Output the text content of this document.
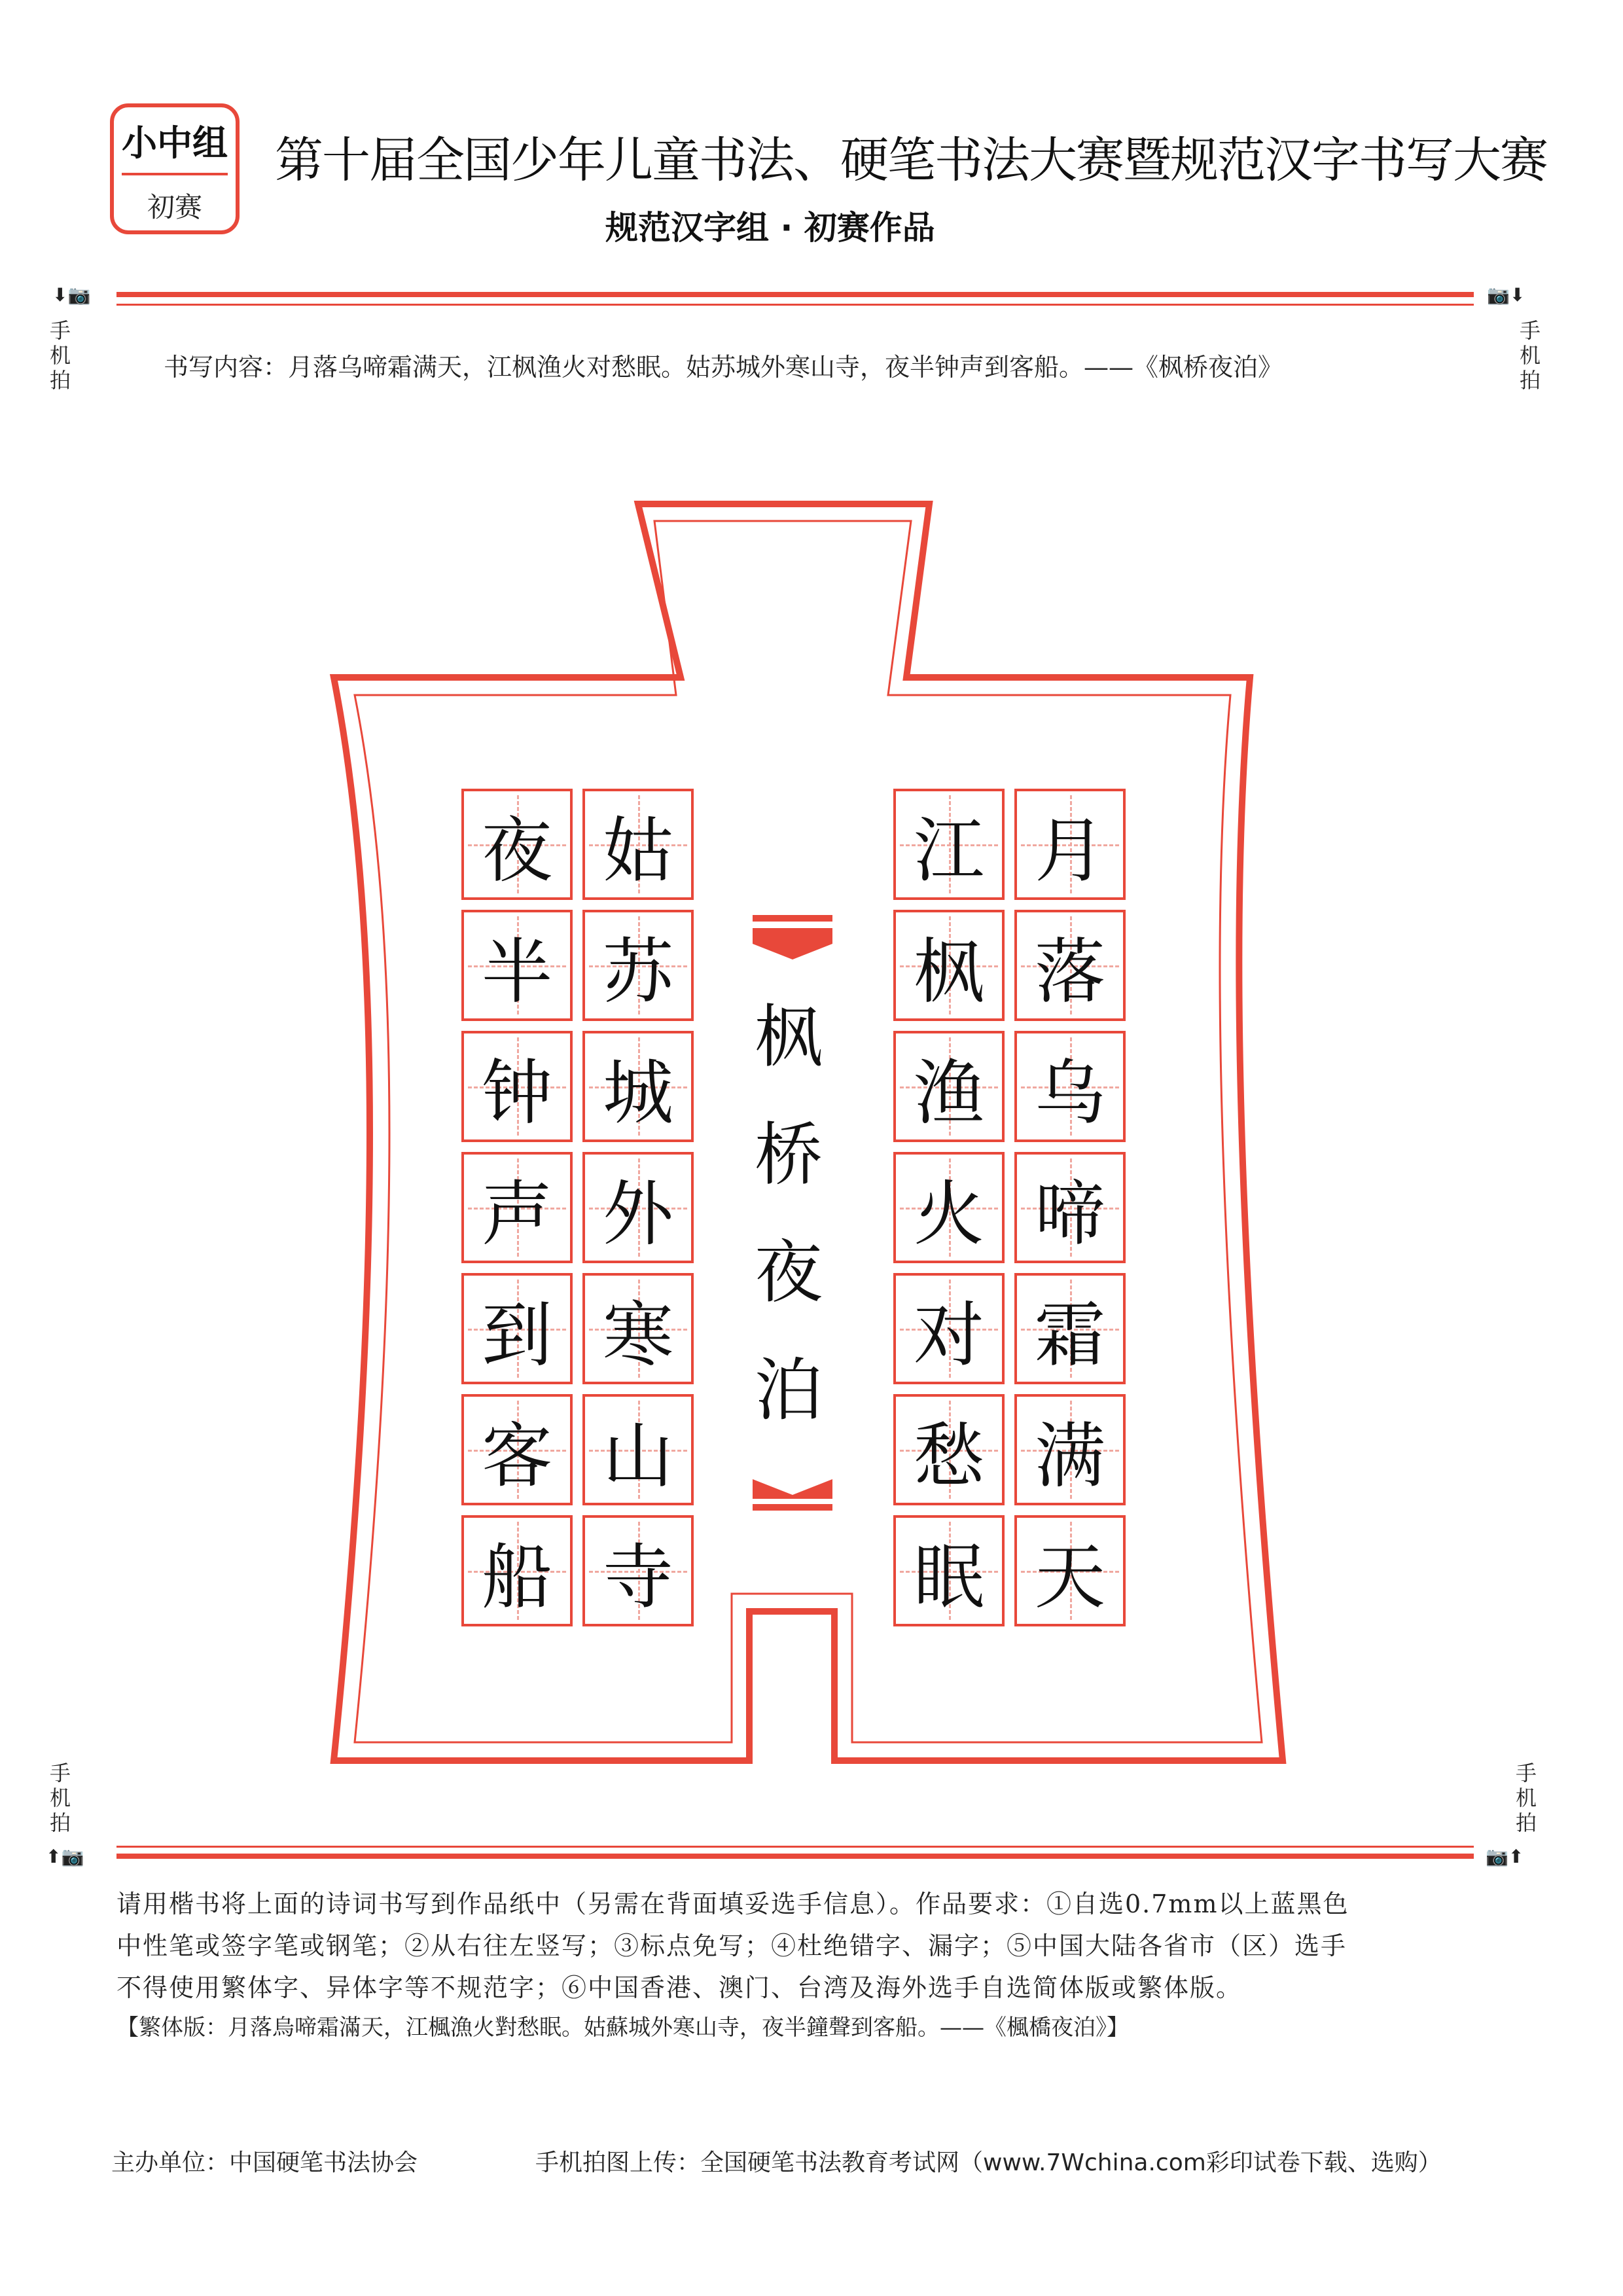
小中组
初赛
第十届全国少年儿童书法、硬笔书法大赛暨规范汉字书写大赛
规范汉字组 · 初赛作品
⬇📷
手机拍
📷⬇
手机拍
手机拍
⬆📷
手机拍
📷⬆
书写内容：月落乌啼霜满天，江枫渔火对愁眠。姑苏城外寒山寺，夜半钟声到客船。——《枫桥夜泊》
月
落
乌
啼
霜
满
天
江
枫
渔
火
对
愁
眠
姑
苏
城
外
寒
山
寺
夜
半
钟
声
到
客
船
枫
桥
夜
泊
请用楷书将上面的诗词书写到作品纸中（另需在背面填妥选手信息）。作品要求：①自选0.7mm以上蓝黑色
中性笔或签字笔或钢笔；②从右往左竖写；③标点免写；④杜绝错字、漏字；⑤中国大陆各省市（区）选手
不得使用繁体字、异体字等不规范字；⑥中国香港、澳门、台湾及海外选手自选简体版或繁体版。
【繁体版：月落烏啼霜滿天，江楓漁火對愁眠。姑蘇城外寒山寺，夜半鐘聲到客船。——《楓橋夜泊》】
主办单位：中国硬笔书法协会	手机拍图上传：全国硬笔书法教育考试网（www.7Wchina.com彩印试卷下载、选购）
